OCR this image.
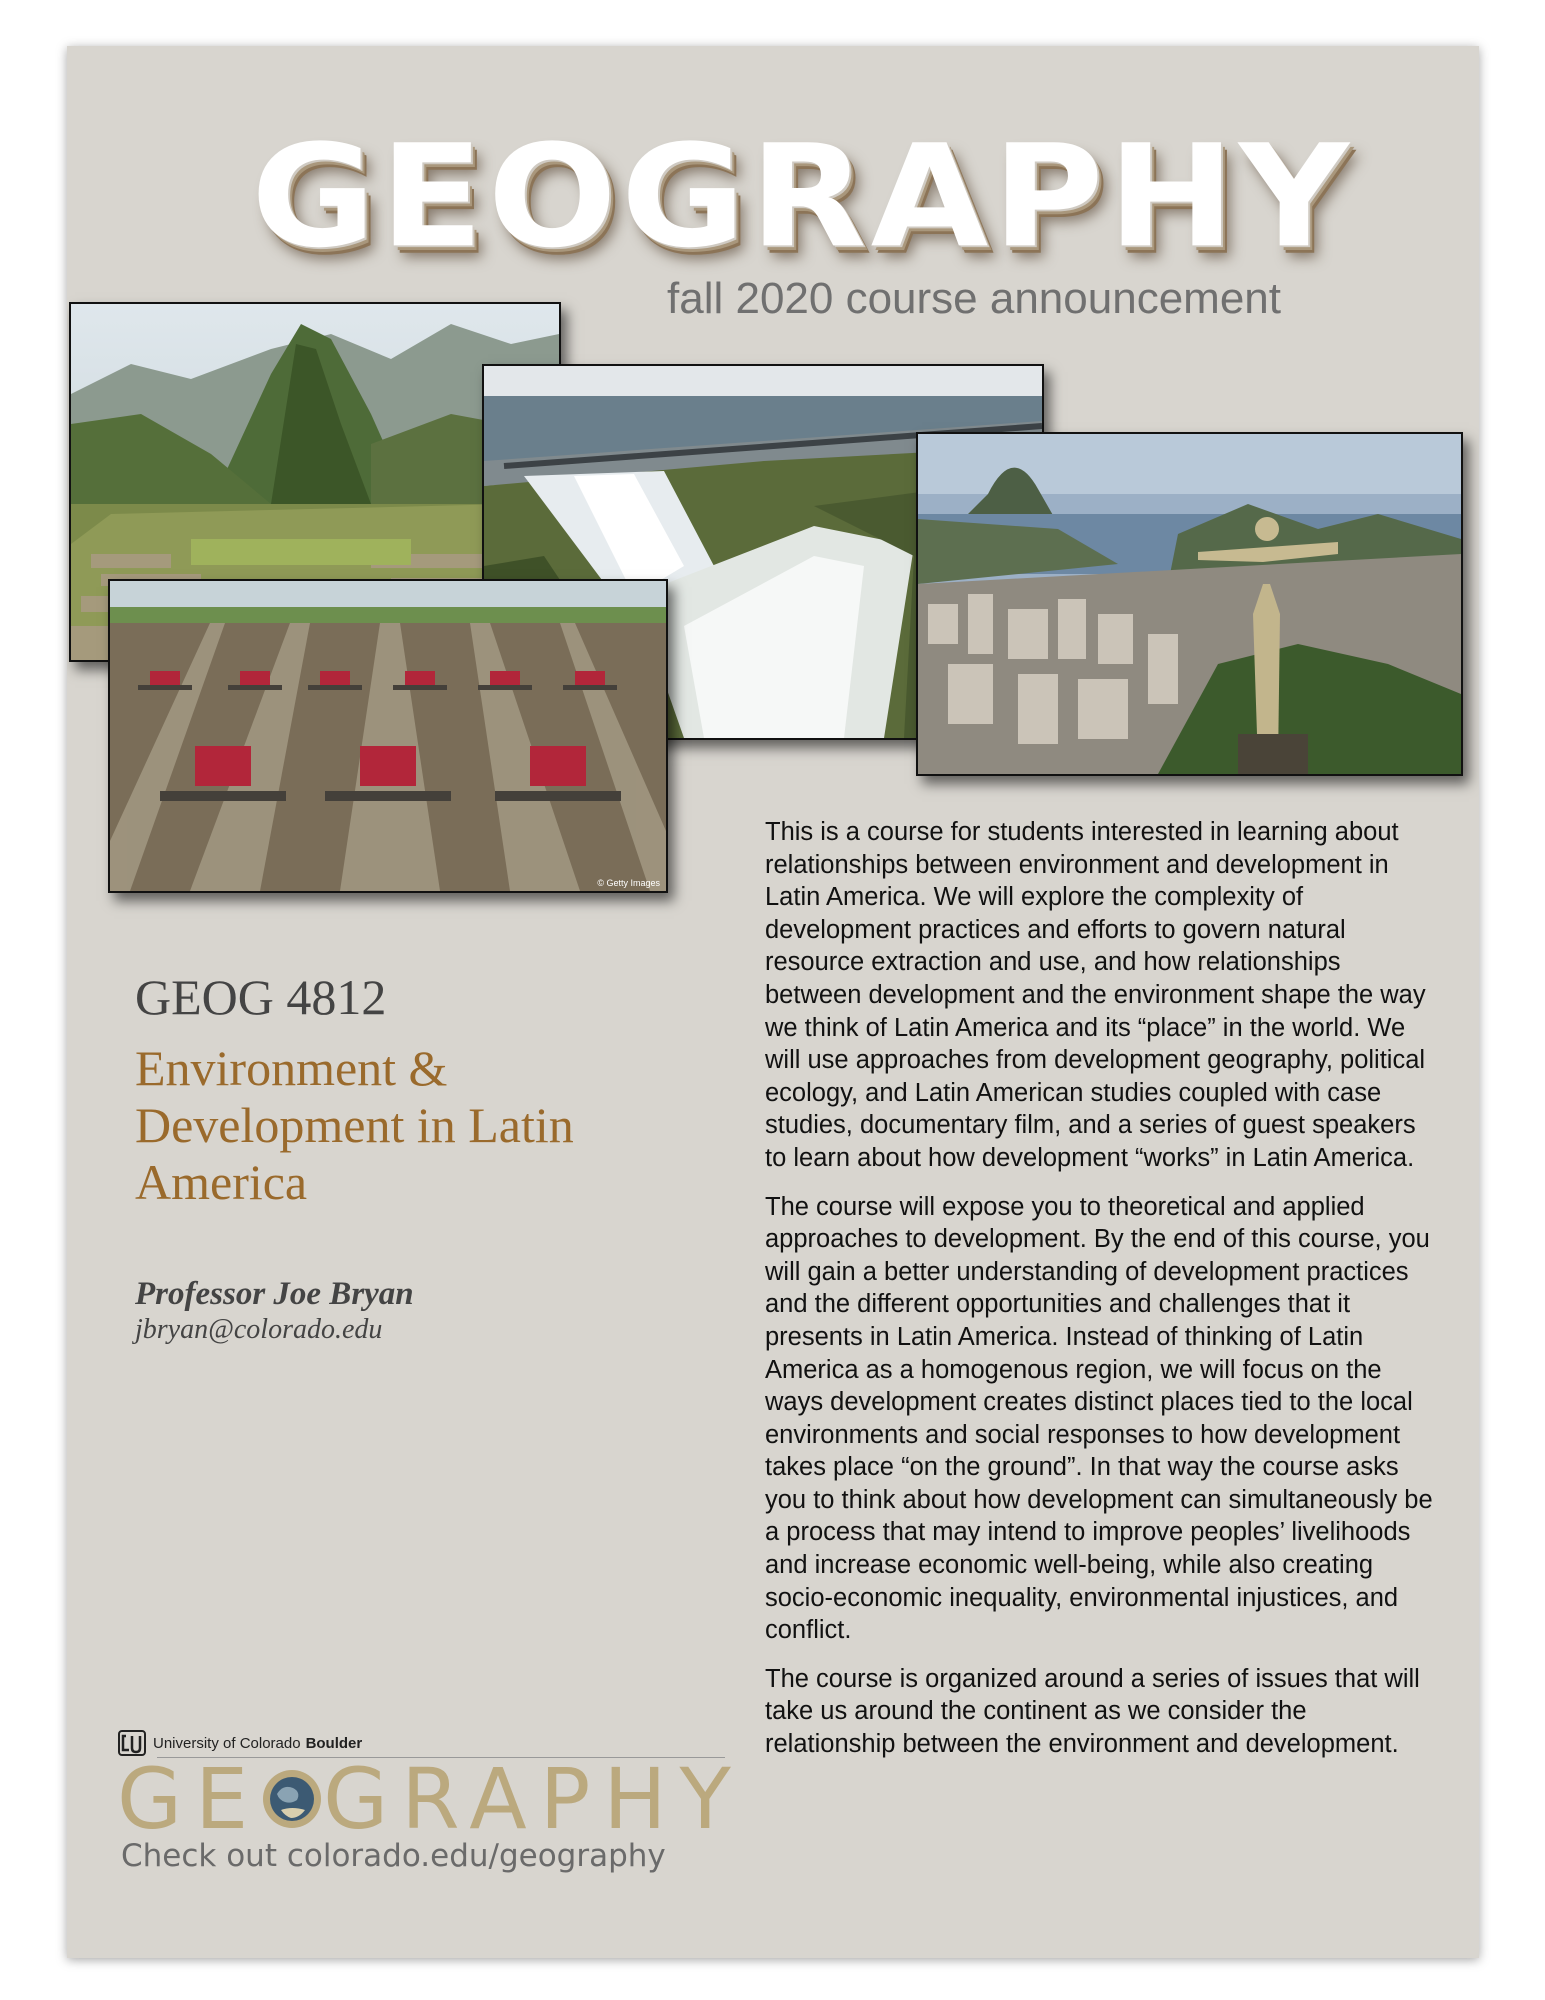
GEOGRAPHY
fall 2020 course announcement
© Getty Images
GEOG 4812
Environment & Development in Latin America
Professor Joe Bryan
jbryan@colorado.edu

This is a course for students interested in learning about relationships between environment and development in Latin America. We will explore the complexity of development practices and efforts to govern natural resource extraction and use, and how relationships between development and the environment shape the way we think of Latin America and its “place” in the world. We will use approaches from development geography, political ecology, and Latin American studies coupled with case studies, documentary film, and a series of guest speakers to learn about how development “works” in Latin America.

The course will expose you to theoretical and applied approaches to development. By the end of this course, you will gain a better understanding of development practices and the different opportunities and challenges that it presents in Latin America. Instead of thinking of Latin America as a homogenous region, we will focus on the ways development creates distinct places tied to the local environments and social responses to how development takes place “on the ground”. In that way the course asks you to think about how development can simultaneously be a process that may intend to improve peoples’ livelihoods and increase economic well-being, while also creating socio-economic inequality, environmental injustices, and conflict.

The course is organized around a series of issues that will take us around the continent as we consider the relationship between the environment and development.

University of Colorado Boulder
GE GRAPHY
Check out colorado.edu/geography
